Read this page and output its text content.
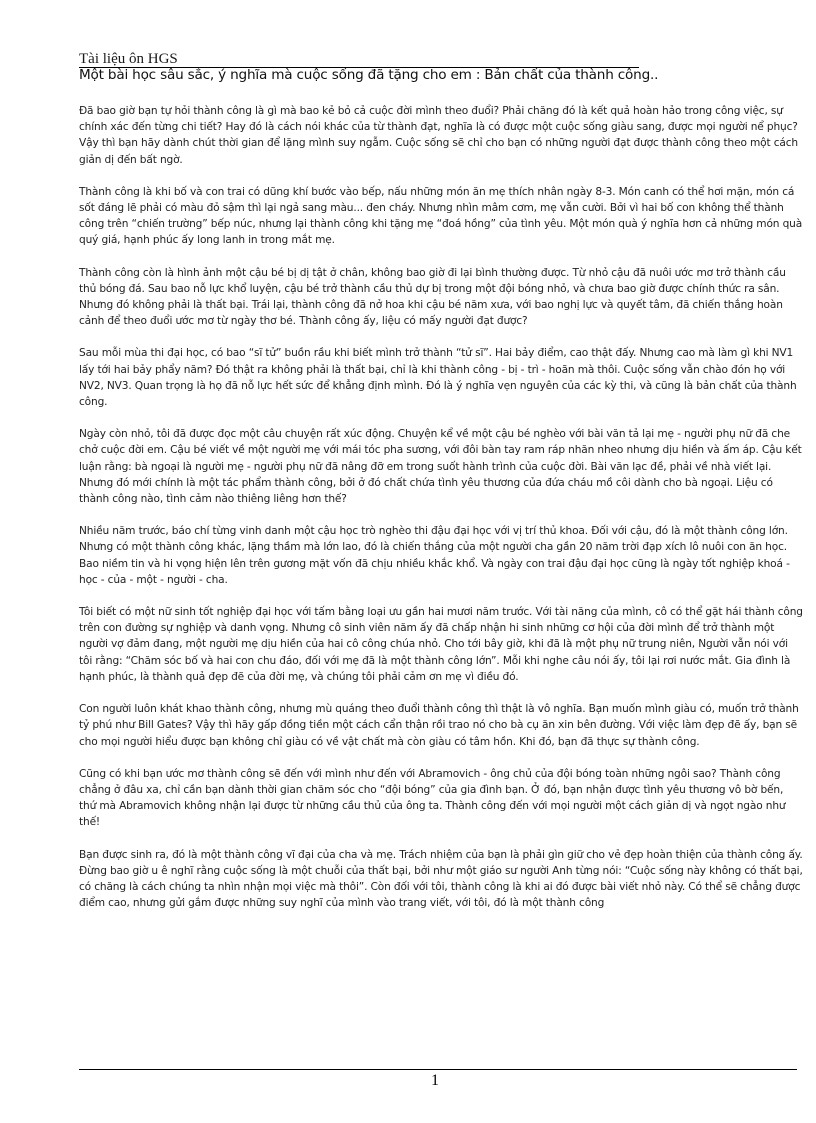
Tài liệu ôn HGS
Một bài học sâu sắc, ý nghĩa mà cuộc sống đã tặng cho em : Bản chất của thành công..

Đã bao giờ bạn tự hỏi thành công là gì mà bao kẻ bỏ cả cuộc đời mình theo đuổi? Phải chăng đó là kết quả hoàn hảo trong công việc, sự chính xác đến từng chi tiết? Hay đó là cách nói khác của từ thành đạt, nghĩa là có được một cuộc sống giàu sang, được mọi người nể phục? Vậy thì bạn hãy dành chút thời gian để lặng mình suy ngẫm. Cuộc sống sẽ chỉ cho bạn có những người đạt được thành công theo một cách giản dị đến bất ngờ.

Thành công là khi bố và con trai có dũng khí bước vào bếp, nấu những món ăn mẹ thích nhân ngày 8-3. Món canh có thể hơi mặn, món cá sốt đáng lẽ phải có màu đỏ sậm thì lại ngả sang màu... đen cháy. Nhưng nhìn mâm cơm, mẹ vẫn cười. Bởi vì hai bố con không thể thành công trên “chiến trường” bếp núc, nhưng lại thành công khi tặng mẹ “đoá hồng” của tình yêu. Một món quà ý nghĩa hơn cả những món quà quý giá, hạnh phúc ấy long lanh in trong mắt mẹ.

Thành công còn là hình ảnh một cậu bé bị dị tật ở chân, không bao giờ đi lại bình thường được. Từ nhỏ cậu đã nuôi ước mơ trở thành cầu thủ bóng đá. Sau bao nỗ lực khổ luyện, cậu bé trở thành cầu thủ dự bị trong một đội bóng nhỏ, và chưa bao giờ được chính thức ra sân. Nhưng đó không phải là thất bại. Trái lại, thành công đã nở hoa khi cậu bé năm xưa, với bao nghị lực và quyết tâm, đã chiến thắng hoàn cảnh để theo đuổi ước mơ từ ngày thơ bé. Thành công ấy, liệu có mấy người đạt được?

Sau mỗi mùa thi đại học, có bao “sĩ tử” buồn rầu khi biết mình trở thành “tử sĩ”. Hai bảy điểm, cao thật đấy. Nhưng cao mà làm gì khi NV1 lấy tới hai bảy phẩy năm? Đó thật ra không phải là thất bại, chỉ là khi thành công - bị - trì - hoãn mà thôi. Cuộc sống vẫn chào đón họ với NV2, NV3. Quan trọng là họ đã nỗ lực hết sức để khẳng định mình. Đó là ý nghĩa vẹn nguyên của các kỳ thi, và cũng là bản chất của thành công.

Ngày còn nhỏ, tôi đã được đọc một câu chuyện rất xúc động. Chuyện kể về một cậu bé nghèo với bài văn tả lại mẹ - người phụ nữ đã che chở cuộc đời em. Cậu bé viết về một người mẹ với mái tóc pha sương, với đôi bàn tay ram ráp nhăn nheo nhưng dịu hiền và ấm áp. Cậu kết luận rằng: bà ngoại là người mẹ - người phụ nữ đã nâng đỡ em trong suốt hành trình của cuộc đời. Bài văn lạc đề, phải về nhà viết lại. Nhưng đó mới chính là một tác phẩm thành công, bởi ở đó chất chứa tình yêu thương của đứa cháu mồ côi dành cho bà ngoại. Liệu có thành công nào, tình cảm nào thiêng liêng hơn thế?

Nhiều năm trước, báo chí từng vinh danh một cậu học trò nghèo thi đậu đại học với vị trí thủ khoa. Đối với cậu, đó là một thành công lớn. Nhưng có một thành công khác, lặng thầm mà lớn lao, đó là chiến thắng của một người cha gần 20 năm trời đạp xích lô nuôi con ăn học. Bao niềm tin và hi vọng hiện lên trên gương mặt vốn đã chịu nhiều khắc khổ. Và ngày con trai đậu đại học cũng là ngày tốt nghiệp khoá - học - của - một - người - cha.

Tôi biết có một nữ sinh tốt nghiệp đại học với tấm bằng loại ưu gần hai mươi năm trước. Với tài năng của mình, cô có thể gặt hái thành công trên con đường sự nghiệp và danh vọng. Nhưng cô sinh viên năm ấy đã chấp nhận hi sinh những cơ hội của đời mình để trở thành một người vợ đảm đang, một người mẹ dịu hiền của hai cô công chúa nhỏ. Cho tới bây giờ, khi đã là một phụ nữ trung niên, Người vẫn nói với tôi rằng: “Chăm sóc bố và hai con chu đáo, đối với mẹ đã là một thành công lớn”. Mỗi khi nghe câu nói ấy, tôi lại rơi nước mắt. Gia đình là hạnh phúc, là thành quả đẹp đẽ của đời mẹ, và chúng tôi phải cảm ơn mẹ vì điều đó.

Con người luôn khát khao thành công, nhưng mù quáng theo đuổi thành công thì thật là vô nghĩa. Bạn muốn mình giàu có, muốn trở thành tỷ phú như Bill Gates? Vậy thì hãy gấp đồng tiền một cách cẩn thận rồi trao nó cho bà cụ ăn xin bên đường. Với việc làm đẹp đẽ ấy, bạn sẽ cho mọi người hiểu được bạn không chỉ giàu có về vật chất mà còn giàu có tâm hồn. Khi đó, bạn đã thực sự thành công.

Cũng có khi bạn ước mơ thành công sẽ đến với mình như đến với Abramovich - ông chủ của đội bóng toàn những ngôi sao? Thành công chẳng ở đâu xa, chỉ cần bạn dành thời gian chăm sóc cho “đội bóng” của gia đình bạn. Ở đó, bạn nhận được tình yêu thương vô bờ bến, thứ mà Abramovich không nhận lại được từ những cầu thủ của ông ta. Thành công đến với mọi người một cách giản dị và ngọt ngào như thế!

Bạn được sinh ra, đó là một thành công vĩ đại của cha và mẹ. Trách nhiệm của bạn là phải gìn giữ cho vẻ đẹp hoàn thiện của thành công ấy. Đừng bao giờ u ê nghĩ rằng cuộc sống là một chuỗi của thất bại, bởi như một giáo sư người Anh từng nói: “Cuộc sống này không có thất bại, có chăng là cách chúng ta nhìn nhận mọi việc mà thôi”. Còn đối với tôi, thành công là khi ai đó được bài viết nhỏ này. Có thể sẽ chẳng được điểm cao, nhưng gửi gắm được những suy nghĩ của mình vào trang viết, với tôi, đó là một thành công

1
